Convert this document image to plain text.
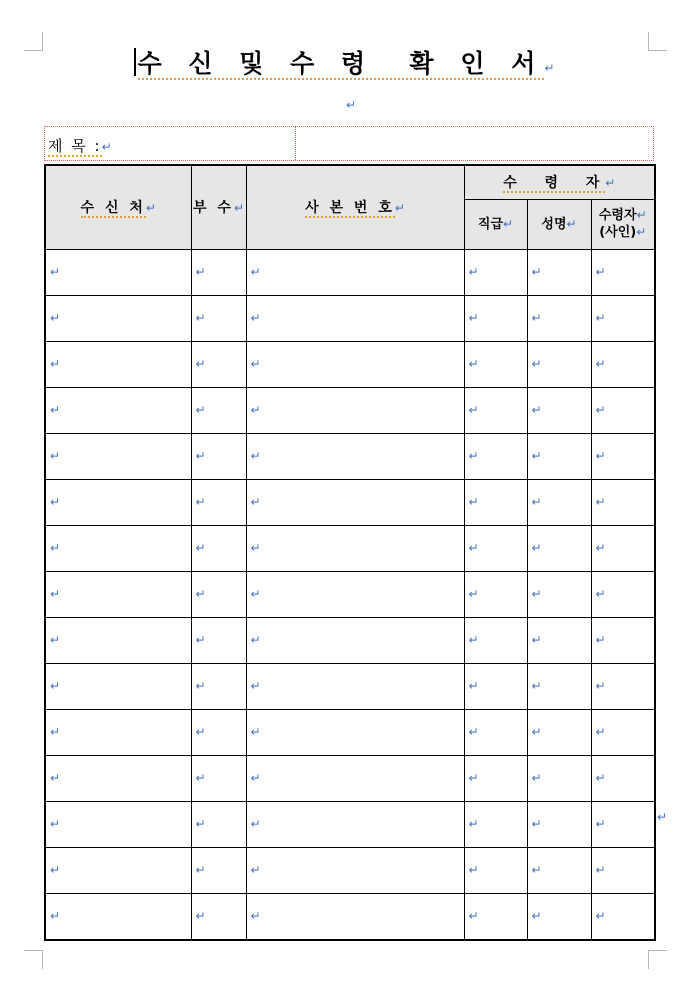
수 신 및 수 령  확 인 서↵
↵
제 목 :↵
수 신 처↵	부 수↵	사 본 번 호↵	수  령  자↵		
			직급↵	성명↵	수령자↵
(사인)↵

↵	↵	↵	↵	↵	↵
↵	↵	↵	↵	↵	↵
↵	↵	↵	↵	↵	↵
↵	↵	↵	↵	↵	↵
↵	↵	↵	↵	↵	↵
↵	↵	↵	↵	↵	↵
↵	↵	↵	↵	↵	↵
↵	↵	↵	↵	↵	↵
↵	↵	↵	↵	↵	↵
↵	↵	↵	↵	↵	↵
↵	↵	↵	↵	↵	↵
↵	↵	↵	↵	↵	↵
↵	↵	↵	↵	↵	↵
↵	↵	↵	↵	↵	↵
↵	↵	↵	↵	↵	↵
↵
